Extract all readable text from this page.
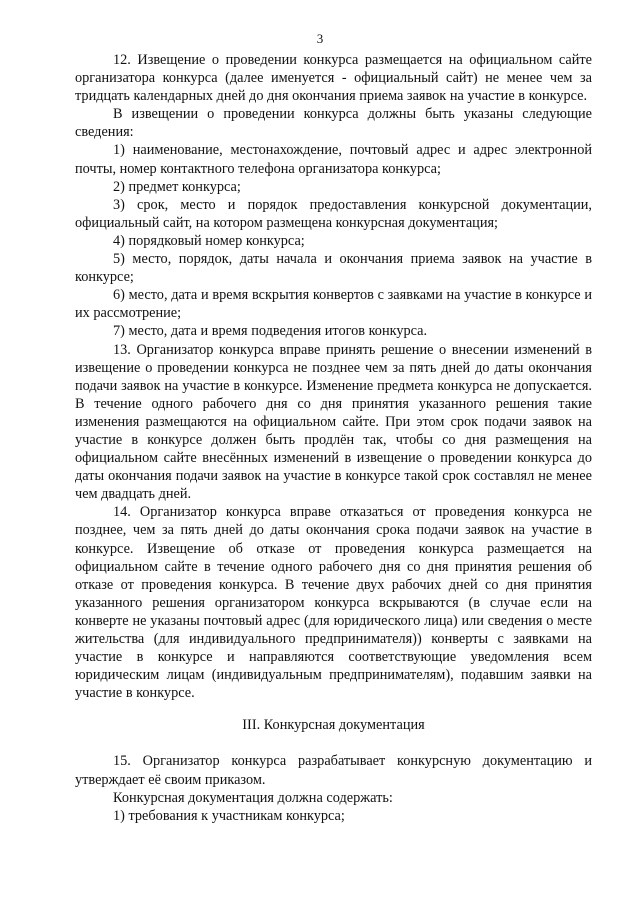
3

12. Извещение о проведении конкурса размещается на официальном сайте организатора конкурса (далее именуется - официальный сайт) не менее чем за тридцать календарных дней до дня окончания приема заявок на участие в конкурсе.

В извещении о проведении конкурса должны быть указаны следующие сведения:

1) наименование, местонахождение, почтовый адрес и адрес электронной почты, номер контактного телефона организатора конкурса;

2) предмет конкурса;

3) срок, место и порядок предоставления конкурсной документации, официальный сайт, на котором размещена конкурсная документация;

4) порядковый номер конкурса;

5) место, порядок, даты начала и окончания приема заявок на участие в конкурсе;

6) место, дата и время вскрытия конвертов с заявками на участие в конкурсе и их рассмотрение;

7) место, дата и время подведения итогов конкурса.

13. Организатор конкурса вправе принять решение о внесении изменений в извещение о проведении конкурса не позднее чем за пять дней до даты окончания подачи заявок на участие в конкурсе. Изменение предмета конкурса не допускается. В течение одного рабочего дня со дня принятия указанного решения такие изменения размещаются на официальном сайте. При этом срок подачи заявок на участие в конкурсе должен быть продлён так, чтобы со дня размещения на официальном сайте внесённых изменений в извещение о проведении конкурса до даты окончания подачи заявок на участие в конкурсе такой срок составлял не менее чем двадцать дней.

14. Организатор конкурса вправе отказаться от проведения конкурса не позднее, чем за пять дней до даты окончания срока подачи заявок на участие в конкурсе. Извещение об отказе от проведения конкурса размещается на официальном сайте в течение одного рабочего дня со дня принятия решения об отказе от проведения конкурса. В течение двух рабочих дней со дня принятия указанного решения организатором конкурса вскрываются (в случае если на конверте не указаны почтовый адрес (для юридического лица) или сведения о месте жительства (для индивидуального предпринимателя)) конверты с заявками на участие в конкурсе и направляются соответствующие уведомления всем юридическим лицам (индивидуальным предпринимателям), подавшим заявки на участие в конкурсе.

III. Конкурсная документация

15. Организатор конкурса разрабатывает конкурсную документацию и утверждает её своим приказом.

Конкурсная документация должна содержать:

1) требования к участникам конкурса;
